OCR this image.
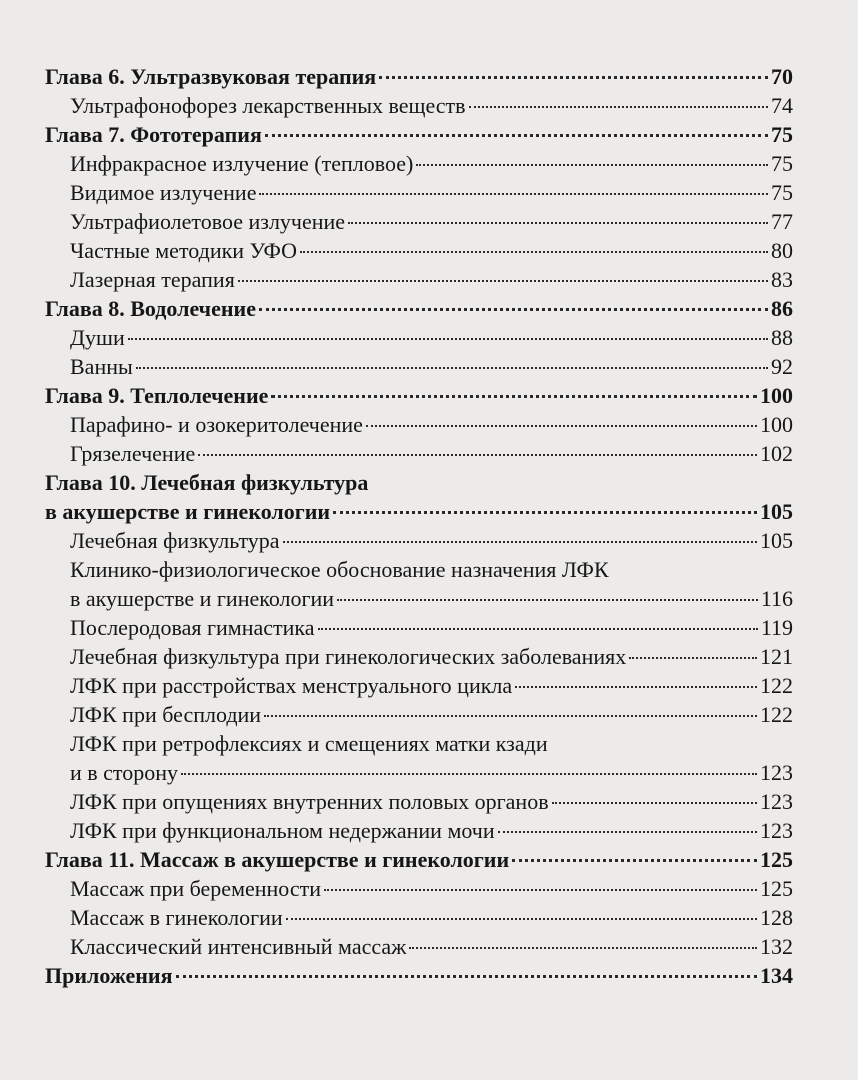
Глава 6. Ультразвуковая терапия	70
Ультрафонофорез лекарственных веществ	74
Глава 7. Фототерапия	75
Инфракрасное излучение (тепловое)	75
Видимое излучение	75
Ультрафиолетовое излучение	77
Частные методики УФО	80
Лазерная терапия	83
Глава 8. Водолечение	86
Души	88
Ванны	92
Глава 9. Теплолечение	100
Парафино- и озокеритолечение	100
Грязелечение	102
Глава 10. Лечебная физкультура
в акушерстве и гинекологии	105
Лечебная физкультура	105
Клинико-физиологическое обоснование назначения ЛФК
в акушерстве и гинекологии	116
Послеродовая гимнастика	119
Лечебная физкультура при гинекологических заболеваниях	121
ЛФК при расстройствах менструального цикла	122
ЛФК при бесплодии	122
ЛФК при ретрофлексиях и смещениях матки кзади
и в сторону	123
ЛФК при опущениях внутренних половых органов	123
ЛФК при функциональном недержании мочи	123
Глава 11. Массаж в акушерстве и гинекологии	125
Массаж при беременности	125
Массаж в гинекологии	128
Классический интенсивный массаж	132
Приложения	134
